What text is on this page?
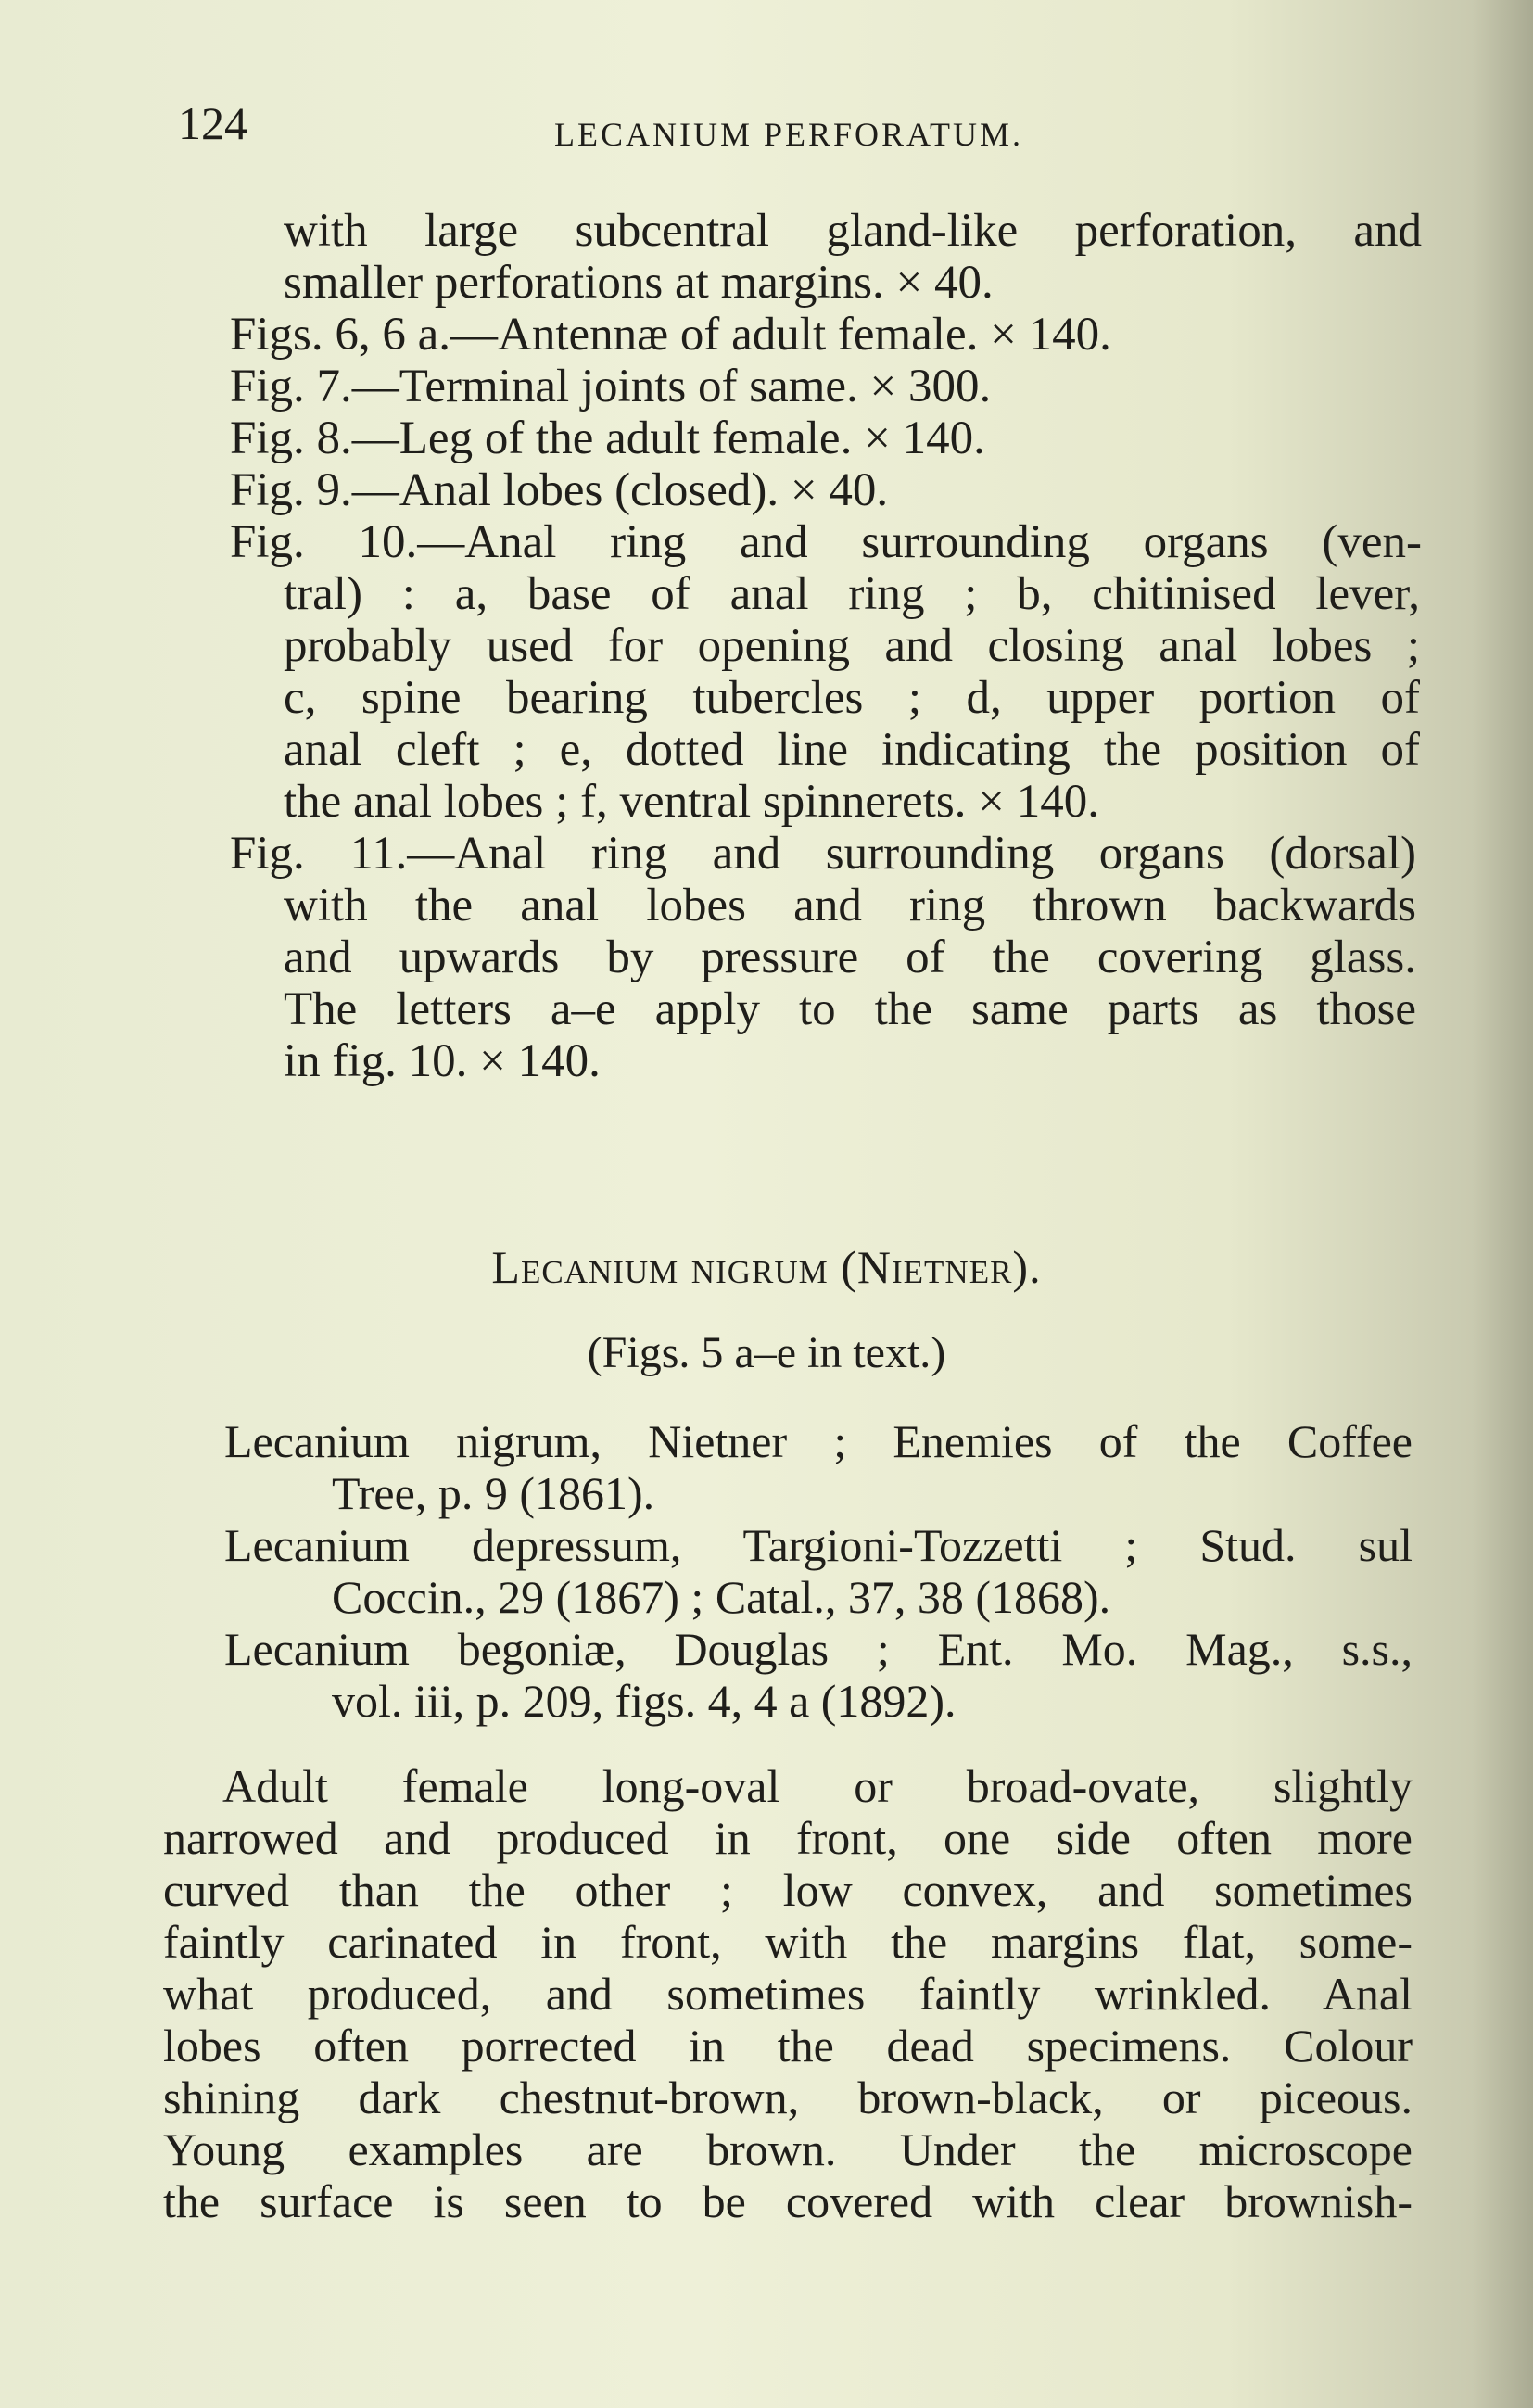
124	LECANIUM PERFORATUM.
with large subcentral gland-like perforation, and
smaller perforations at margins. × 40.
Figs. 6, 6 a.—Antennæ of adult female. × 140.
Fig. 7.—Terminal joints of same. × 300.
Fig. 8.—Leg of the adult female. × 140.
Fig. 9.—Anal lobes (closed). × 40.
Fig. 10.—Anal ring and surrounding organs (ven-
tral) : a, base of anal ring ; b, chitinised lever,
probably used for opening and closing anal lobes ;
c, spine bearing tubercles ; d, upper portion of
anal cleft ; e, dotted line indicating the position of
the anal lobes ; f, ventral spinnerets. × 140.
Fig. 11.—Anal ring and surrounding organs (dorsal)
with the anal lobes and ring thrown backwards
and upwards by pressure of the covering glass.
The letters a–e apply to the same parts as those
in fig. 10. × 140.
Lecanium nigrum (Nietner).
(Figs. 5 a–e in text.)
Lecanium nigrum, Nietner ; Enemies of the Coffee
Tree, p. 9 (1861).
Lecanium depressum, Targioni-Tozzetti ; Stud. sul
Coccin., 29 (1867) ; Catal., 37, 38 (1868).
Lecanium begoniæ, Douglas ; Ent. Mo. Mag., s.s.,
vol. iii, p. 209, figs. 4, 4 a (1892).
Adult female long-oval or broad-ovate, slightly
narrowed and produced in front, one side often more
curved than the other ; low convex, and sometimes
faintly carinated in front, with the margins flat, some-
what produced, and sometimes faintly wrinkled. Anal
lobes often porrected in the dead specimens. Colour
shining dark chestnut-brown, brown-black, or piceous.
Young examples are brown. Under the microscope
the surface is seen to be covered with clear brownish-
